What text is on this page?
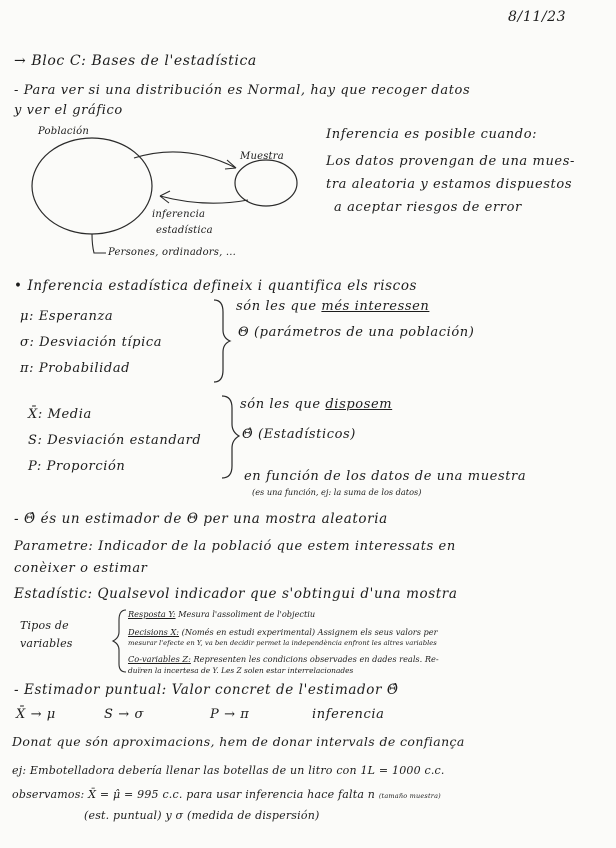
8/11/23
→ Bloc C: Bases de l'estadística
- Para ver si una distribución es Normal, hay que recoger datos
y ver el gráfico
Población
Muestra
inferencia
estadística
Persones, ordinadors, ...
Inferencia es posible cuando:
Los datos provengan de una mues-
tra aleatoria y estamos dispuestos
a aceptar riesgos de error
• Inferencia estadística defineix i quantifica els riscos
μ: Esperanza
σ: Desviación típica
π: Probabilidad
són les que més interessen
Θ (parámetros de una población)
X̄: Media
S: Desviación estandard
P: Proporción
són les que disposem
Θ̂ (Estadísticos)
en función de los datos de una muestra
(es una función, ej: la suma de los datos)
- Θ̂ és un estimador de Θ per una mostra aleatoria
Parametre: Indicador de la població que estem interessats en
conèixer o estimar
Estadístic: Qualsevol indicador que s'obtingui d'una mostra
Tipos de
variables
Resposta Y: Mesura l'assoliment de l'objectiu
Decisions X: (Només en estudi experimental) Assignem els seus valors per
mesurar l'efecte en Y, va ben decidir permet la independència enfront les altres variables
Co-variables Z: Representen les condicions observades en dades reals. Re-
duïren la incertesa de Y. Les Z solen estar interrelacionades
- Estimador puntual: Valor concret de l'estimador Θ̂
X̄ → μ	S → σ	P → π	inferencia
Donat que són aproximacions, hem de donar intervals de confiança
ej: Embotelladora debería llenar las botellas de un litro con 1L = 1000 c.c.
observamos: X̄ = μ̂ = 995 c.c. para usar inferencia hace falta n (tamaño muestra)
(est. puntual) y σ (medida de dispersión)
